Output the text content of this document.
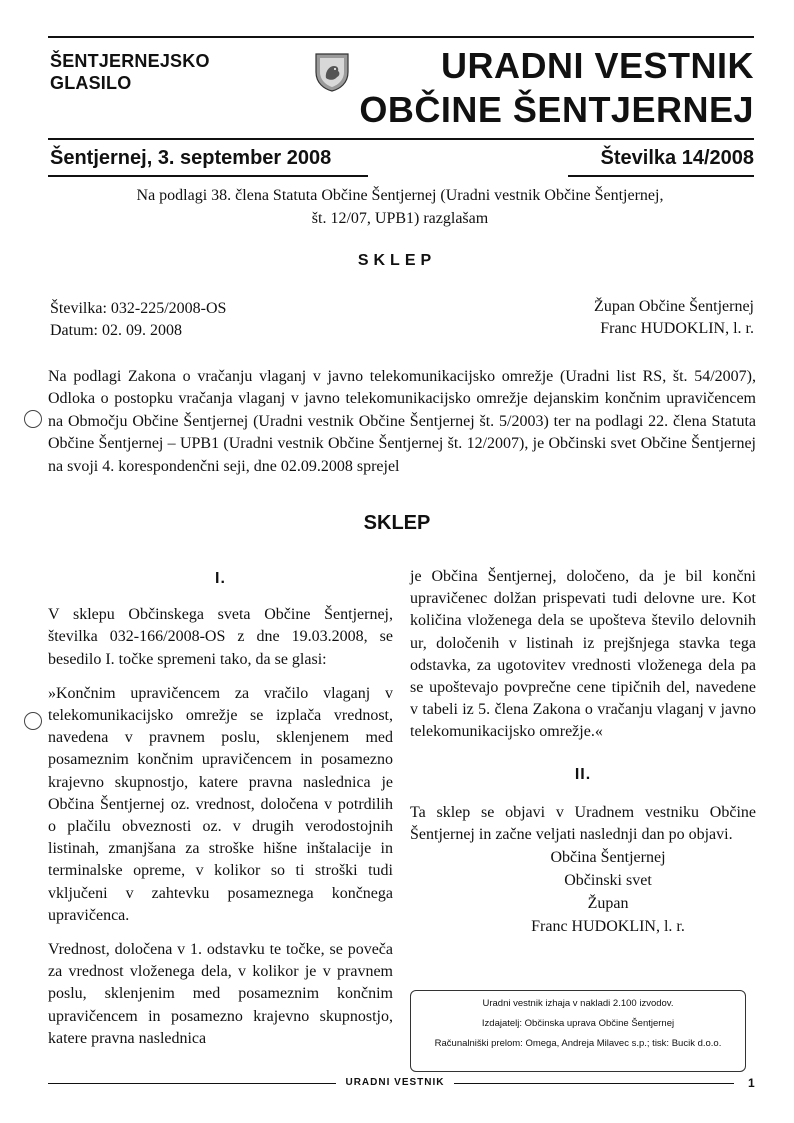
ŠENTJERNEJSKO
GLASILO	URADNI VESTNIK
OBČINE ŠENTJERNEJ
Šentjernej, 3. september 2008	Številka 14/2008
Na podlagi 38. člena Statuta Občine Šentjernej (Uradni vestnik Občine Šentjernej,
št. 12/07, UPB1) razglašam
SKLEP
Številka: 032-225/2008-OS
Datum: 02. 09. 2008
Župan Občine Šentjernej
Franc HUDOKLIN, l. r.
Na podlagi Zakona o vračanju vlaganj v javno telekomunikacijsko omrežje (Uradni list RS, št. 54/2007), Odloka o postopku vračanja vlaganj v javno telekomunikacijsko omrežje dejanskim končnim upravičencem na Območju Občine Šentjernej (Uradni vestnik Občine Šentjernej št. 5/2003) ter na podlagi 22. člena Statuta Občine Šentjernej – UPB1 (Uradni vestnik Občine Šentjernej št. 12/2007), je Občinski svet Občine Šentjernej na svoji 4. korespondenčni seji, dne 02.09.2008 sprejel
SKLEP
I.

V sklepu Občinskega sveta Občine Šentjernej, številka 032-166/2008-OS z dne 19.03.2008, se besedilo I. točke spremeni tako, da se glasi:

»Končnim upravičencem za vračilo vlaganj v telekomunikacijsko omrežje se izplača vrednost, navedena v pravnem poslu, sklenjenem med posameznim končnim upravičencem in posamezno krajevno skupnostjo, katere pravna naslednica je Občina Šentjernej oz. vrednost, določena v potrdilih o plačilu obveznosti oz. v drugih verodostojnih listinah, zmanjšana za stroške hišne inštalacije in terminalske opreme, v kolikor so ti stroški tudi vključeni v zahtevku posameznega končnega upravičenca.

Vrednost, določena v 1. odstavku te točke, se poveča za vrednost vloženega dela, v kolikor je v pravnem poslu, sklenjenim med posameznim končnim upravičencem in posamezno krajevno skupnostjo, katere pravna naslednica

je Občina Šentjernej, določeno, da je bil končni upravičenec dolžan prispevati tudi delovne ure. Kot količina vloženega dela se upošteva število delovnih ur, določenih v listinah iz prejšnjega stavka tega odstavka, za ugotovitev vrednosti vloženega dela pa se upoštevajo povprečne cene tipičnih del, navedene v tabeli iz 5. člena Zakona o vračanju vlaganj v javno telekomunikacijsko omrežje.«

II.

Ta sklep se objavi v Uradnem vestniku Občine Šentjernej in začne veljati naslednji dan po objavi.

Občina Šentjernej
Občinski svet
Župan
Franc HUDOKLIN, l. r.
Uradni vestnik izhaja v nakladi 2.100 izvodov.
Izdajatelj: Občinska uprava Občine Šentjernej
Računalniški prelom: Omega, Andreja Milavec s.p.; tisk: Bucik d.o.o.
URADNI VESTNIK	1
